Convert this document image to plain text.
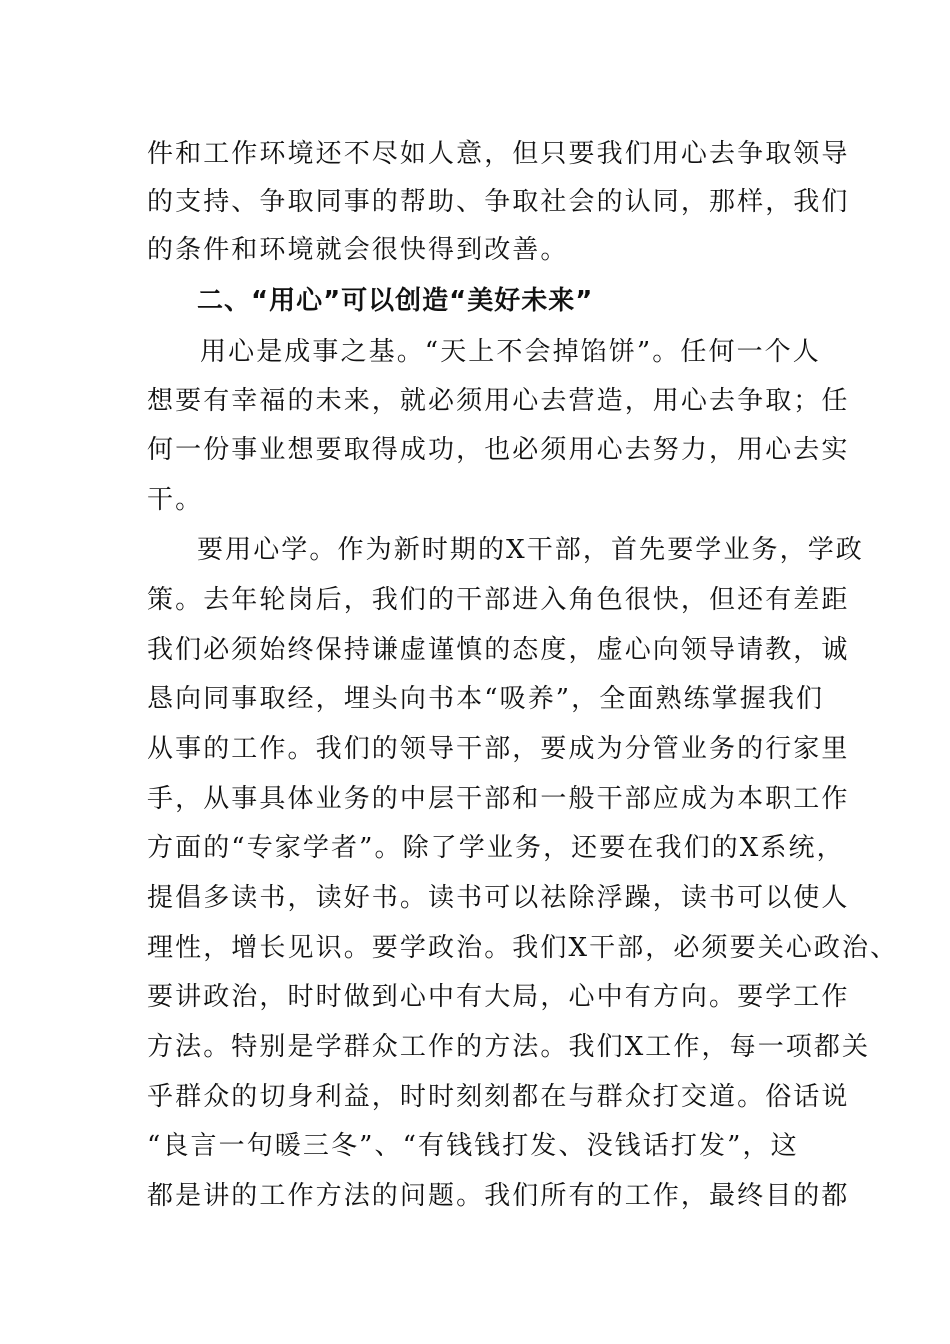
件和工作环境还不尽如人意，但只要我们用心去争取领导
的支持、争取同事的帮助、争取社会的认同，那样，我们
的条件和环境就会很快得到改善。
二、“用心”可以创造“美好未来”
用心是成事之基。“天上不会掉馅饼”。任何一个人
想要有幸福的未来，就必须用心去营造，用心去争取；任
何一份事业想要取得成功，也必须用心去努力，用心去实
干。
要用心学。作为新时期的X干部，首先要学业务，学政
策。去年轮岗后，我们的干部进入角色很快，但还有差距
我们必须始终保持谦虚谨慎的态度，虚心向领导请教，诚
恳向同事取经，埋头向书本“吸养”，全面熟练掌握我们
从事的工作。我们的领导干部，要成为分管业务的行家里
手，从事具体业务的中层干部和一般干部应成为本职工作
方面的“专家学者”。除了学业务，还要在我们的X系统，
提倡多读书，读好书。读书可以祛除浮躁，读书可以使人
理性，增长见识。要学政治。我们X干部，必须要关心政治、
要讲政治，时时做到心中有大局，心中有方向。要学工作
方法。特别是学群众工作的方法。我们X工作，每一项都关
乎群众的切身利益，时时刻刻都在与群众打交道。俗话说
“良言一句暖三冬”、“有钱钱打发、没钱话打发”，这
都是讲的工作方法的问题。我们所有的工作，最终目的都
